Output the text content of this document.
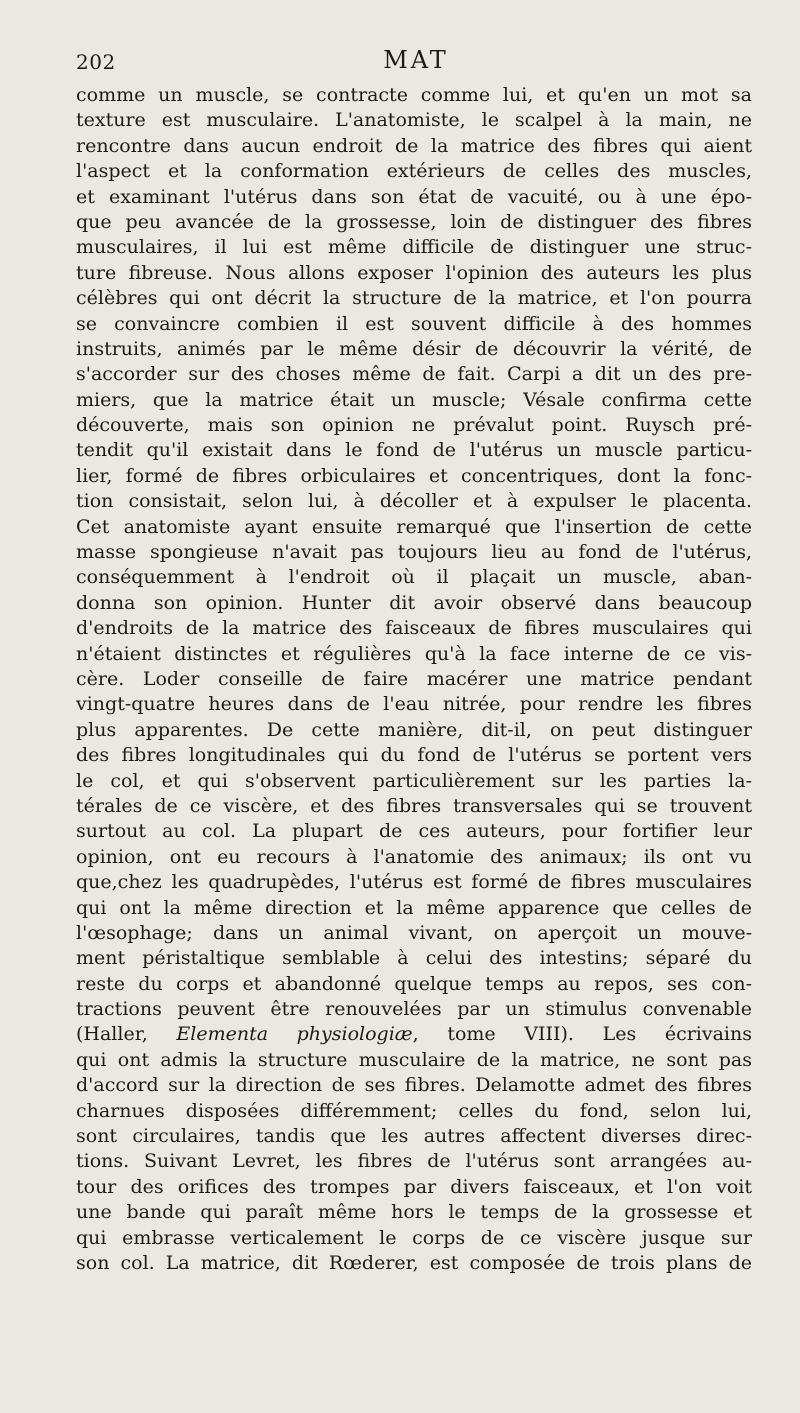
202	MAT
comme un muscle, se contracte comme lui, et qu'en un mot sa
texture est musculaire. L'anatomiste, le scalpel à la main, ne
rencontre dans aucun endroit de la matrice des fibres qui aient
l'aspect et la conformation extérieurs de celles des muscles,
et examinant l'utérus dans son état de vacuité, ou à une épo-
que peu avancée de la grossesse, loin de distinguer des fibres
musculaires, il lui est même difficile de distinguer une struc-
ture fibreuse. Nous allons exposer l'opinion des auteurs les plus
célèbres qui ont décrit la structure de la matrice, et l'on pourra
se convaincre combien il est souvent difficile à des hommes
instruits, animés par le même désir de découvrir la vérité, de
s'accorder sur des choses même de fait. Carpi a dit un des pre-
miers, que la matrice était un muscle; Vésale confirma cette
découverte, mais son opinion ne prévalut point. Ruysch pré-
tendit qu'il existait dans le fond de l'utérus un muscle particu-
lier, formé de fibres orbiculaires et concentriques, dont la fonc-
tion consistait, selon lui, à décoller et à expulser le placenta.
Cet anatomiste ayant ensuite remarqué que l'insertion de cette
masse spongieuse n'avait pas toujours lieu au fond de l'utérus,
conséquemment à l'endroit où il plaçait un muscle, aban-
donna son opinion. Hunter dit avoir observé dans beaucoup
d'endroits de la matrice des faisceaux de fibres musculaires qui
n'étaient distinctes et régulières qu'à la face interne de ce vis-
cère. Loder conseille de faire macérer une matrice pendant
vingt-quatre heures dans de l'eau nitrée, pour rendre les fibres
plus apparentes. De cette manière, dit-il, on peut distinguer
des fibres longitudinales qui du fond de l'utérus se portent vers
le col, et qui s'observent particulièrement sur les parties la-
térales de ce viscère, et des fibres transversales qui se trouvent
surtout au col. La plupart de ces auteurs, pour fortifier leur
opinion, ont eu recours à l'anatomie des animaux; ils ont vu
que,chez les quadrupèdes, l'utérus est formé de fibres musculaires
qui ont la même direction et la même apparence que celles de
l'œsophage; dans un animal vivant, on aperçoit un mouve-
ment péristaltique semblable à celui des intestins; séparé du
reste du corps et abandonné quelque temps au repos, ses con-
tractions peuvent être renouvelées par un stimulus convenable
(Haller, Elementa physiologiæ, tome VIII). Les écrivains
qui ont admis la structure musculaire de la matrice, ne sont pas
d'accord sur la direction de ses fibres. Delamotte admet des fibres
charnues disposées différemment; celles du fond, selon lui,
sont circulaires, tandis que les autres affectent diverses direc-
tions. Suivant Levret, les fibres de l'utérus sont arrangées au-
tour des orifices des trompes par divers faisceaux, et l'on voit
une bande qui paraît même hors le temps de la grossesse et
qui embrasse verticalement le corps de ce viscère jusque sur
son col. La matrice, dit Rœderer, est composée de trois plans de
